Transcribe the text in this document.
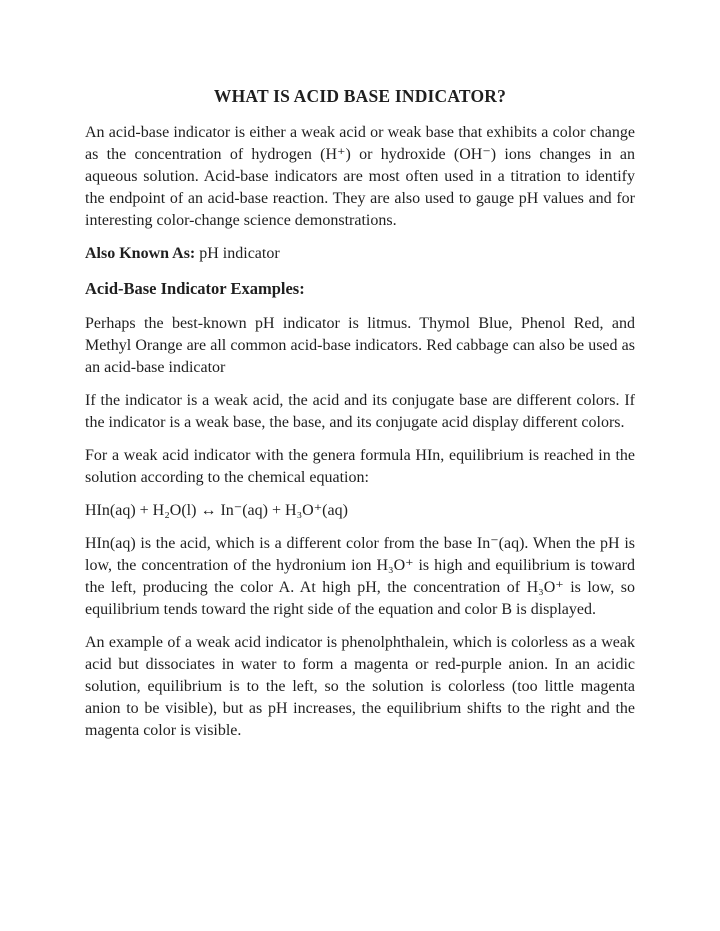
WHAT IS ACID BASE INDICATOR?

An acid-base indicator is either a weak acid or weak base that exhibits a color change as the concentration of hydrogen (H⁺) or hydroxide (OH⁻) ions changes in an aqueous solution. Acid-base indicators are most often used in a titration to identify the endpoint of an acid-base reaction. They are also used to gauge pH values and for interesting color-change science demonstrations.

Also Known As: pH indicator

Acid-Base Indicator Examples:

Perhaps the best-known pH indicator is litmus. Thymol Blue, Phenol Red, and Methyl Orange are all common acid-base indicators. Red cabbage can also be used as an acid-base indicator

If the indicator is a weak acid, the acid and its conjugate base are different colors. If the indicator is a weak base, the base, and its conjugate acid display different colors.

For a weak acid indicator with the genera formula HIn, equilibrium is reached in the solution according to the chemical equation:

HIn(aq) + H₂O(l) ↔ In⁻(aq) + H₃O⁺(aq)

HIn(aq) is the acid, which is a different color from the base In⁻(aq). When the pH is low, the concentration of the hydronium ion H₃O⁺ is high and equilibrium is toward the left, producing the color A. At high pH, the concentration of H₃O⁺ is low, so equilibrium tends toward the right side of the equation and color B is displayed.

An example of a weak acid indicator is phenolphthalein, which is colorless as a weak acid but dissociates in water to form a magenta or red-purple anion. In an acidic solution, equilibrium is to the left, so the solution is colorless (too little magenta anion to be visible), but as pH increases, the equilibrium shifts to the right and the magenta color is visible.
